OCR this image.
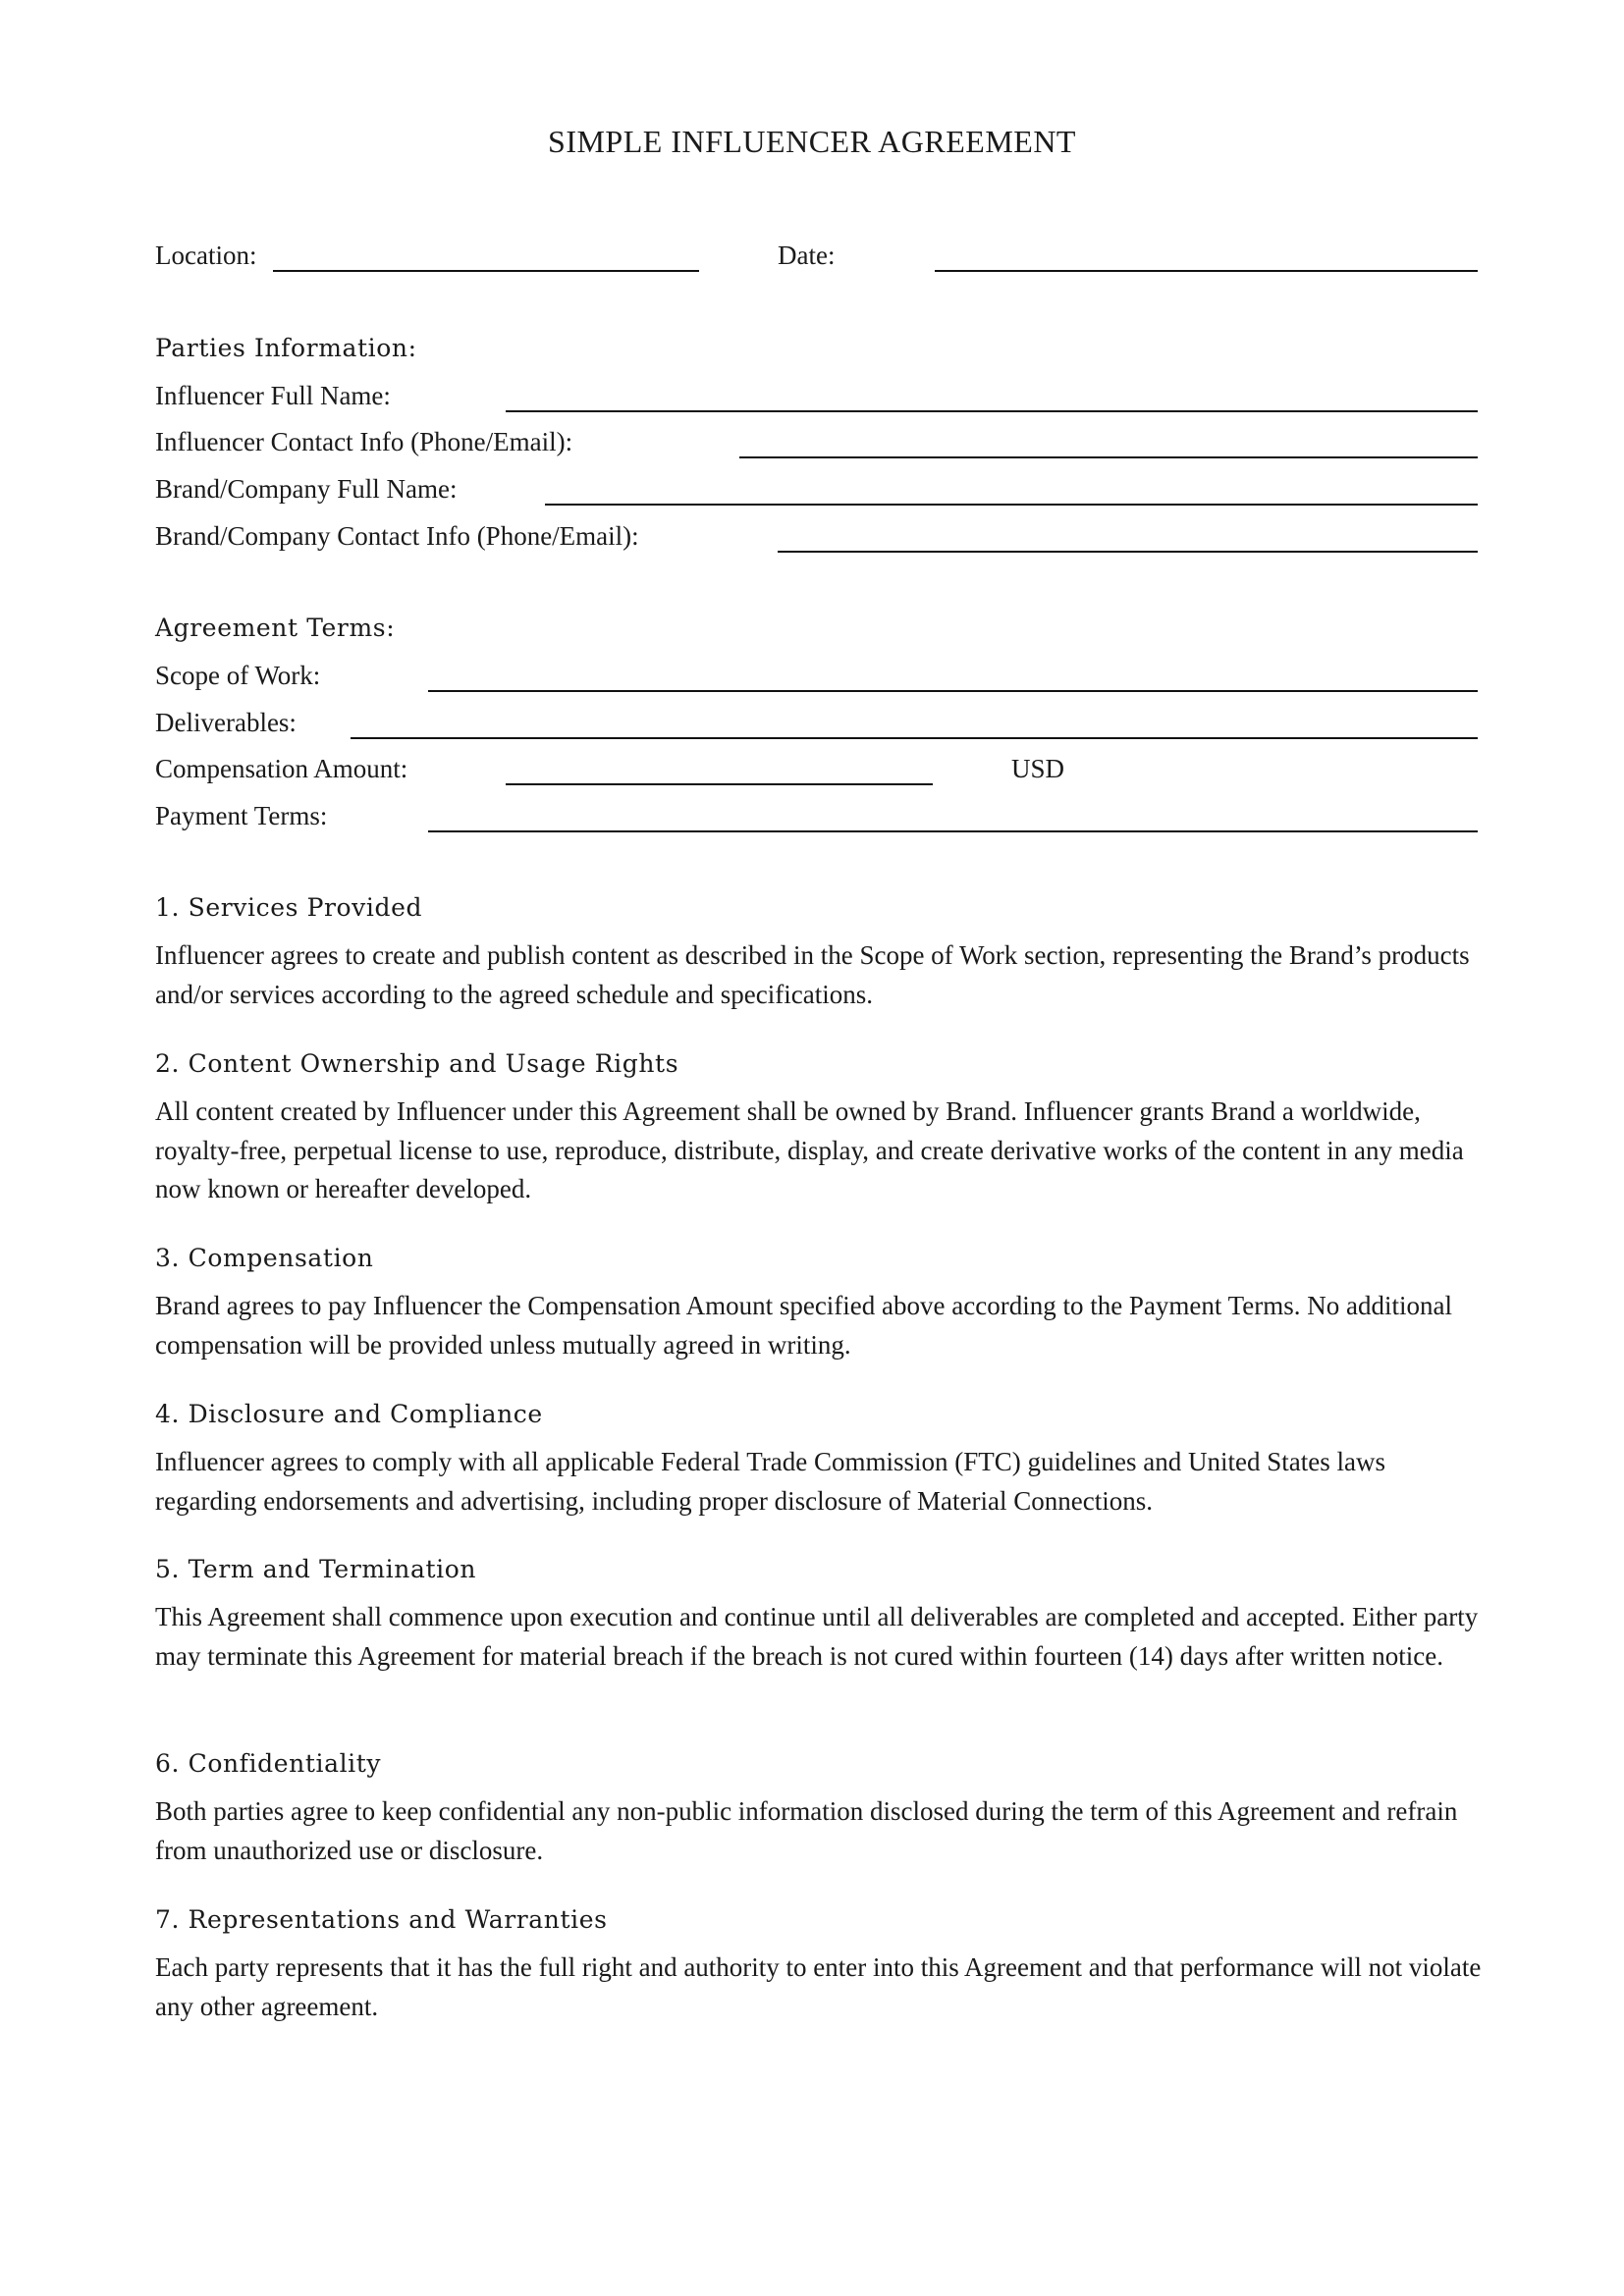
SIMPLE INFLUENCER AGREEMENT
Location:	Date:
Parties Information:
Influencer Full Name:
Influencer Contact Info (Phone/Email):
Brand/Company Full Name:
Brand/Company Contact Info (Phone/Email):
Agreement Terms:
Scope of Work:
Deliverables:
Compensation Amount:	USD
Payment Terms:
1. Services Provided
Influencer agrees to create and publish content as described in the Scope of Work section, representing the Brand’s products and/or services according to the agreed schedule and specifications.
2. Content Ownership and Usage Rights
All content created by Influencer under this Agreement shall be owned by Brand. Influencer grants Brand a worldwide, royalty-free, perpetual license to use, reproduce, distribute, display, and create derivative works of the content in any media now known or hereafter developed.
3. Compensation
Brand agrees to pay Influencer the Compensation Amount specified above according to the Payment Terms. No additional compensation will be provided unless mutually agreed in writing.
4. Disclosure and Compliance
Influencer agrees to comply with all applicable Federal Trade Commission (FTC) guidelines and United States laws regarding endorsements and advertising, including proper disclosure of Material Connections.
5. Term and Termination
This Agreement shall commence upon execution and continue until all deliverables are completed and accepted. Either party may terminate this Agreement for material breach if the breach is not cured within fourteen (14) days after written notice.
6. Confidentiality
Both parties agree to keep confidential any non-public information disclosed during the term of this Agreement and refrain from unauthorized use or disclosure.
7. Representations and Warranties
Each party represents that it has the full right and authority to enter into this Agreement and that performance will not violate any other agreement.
